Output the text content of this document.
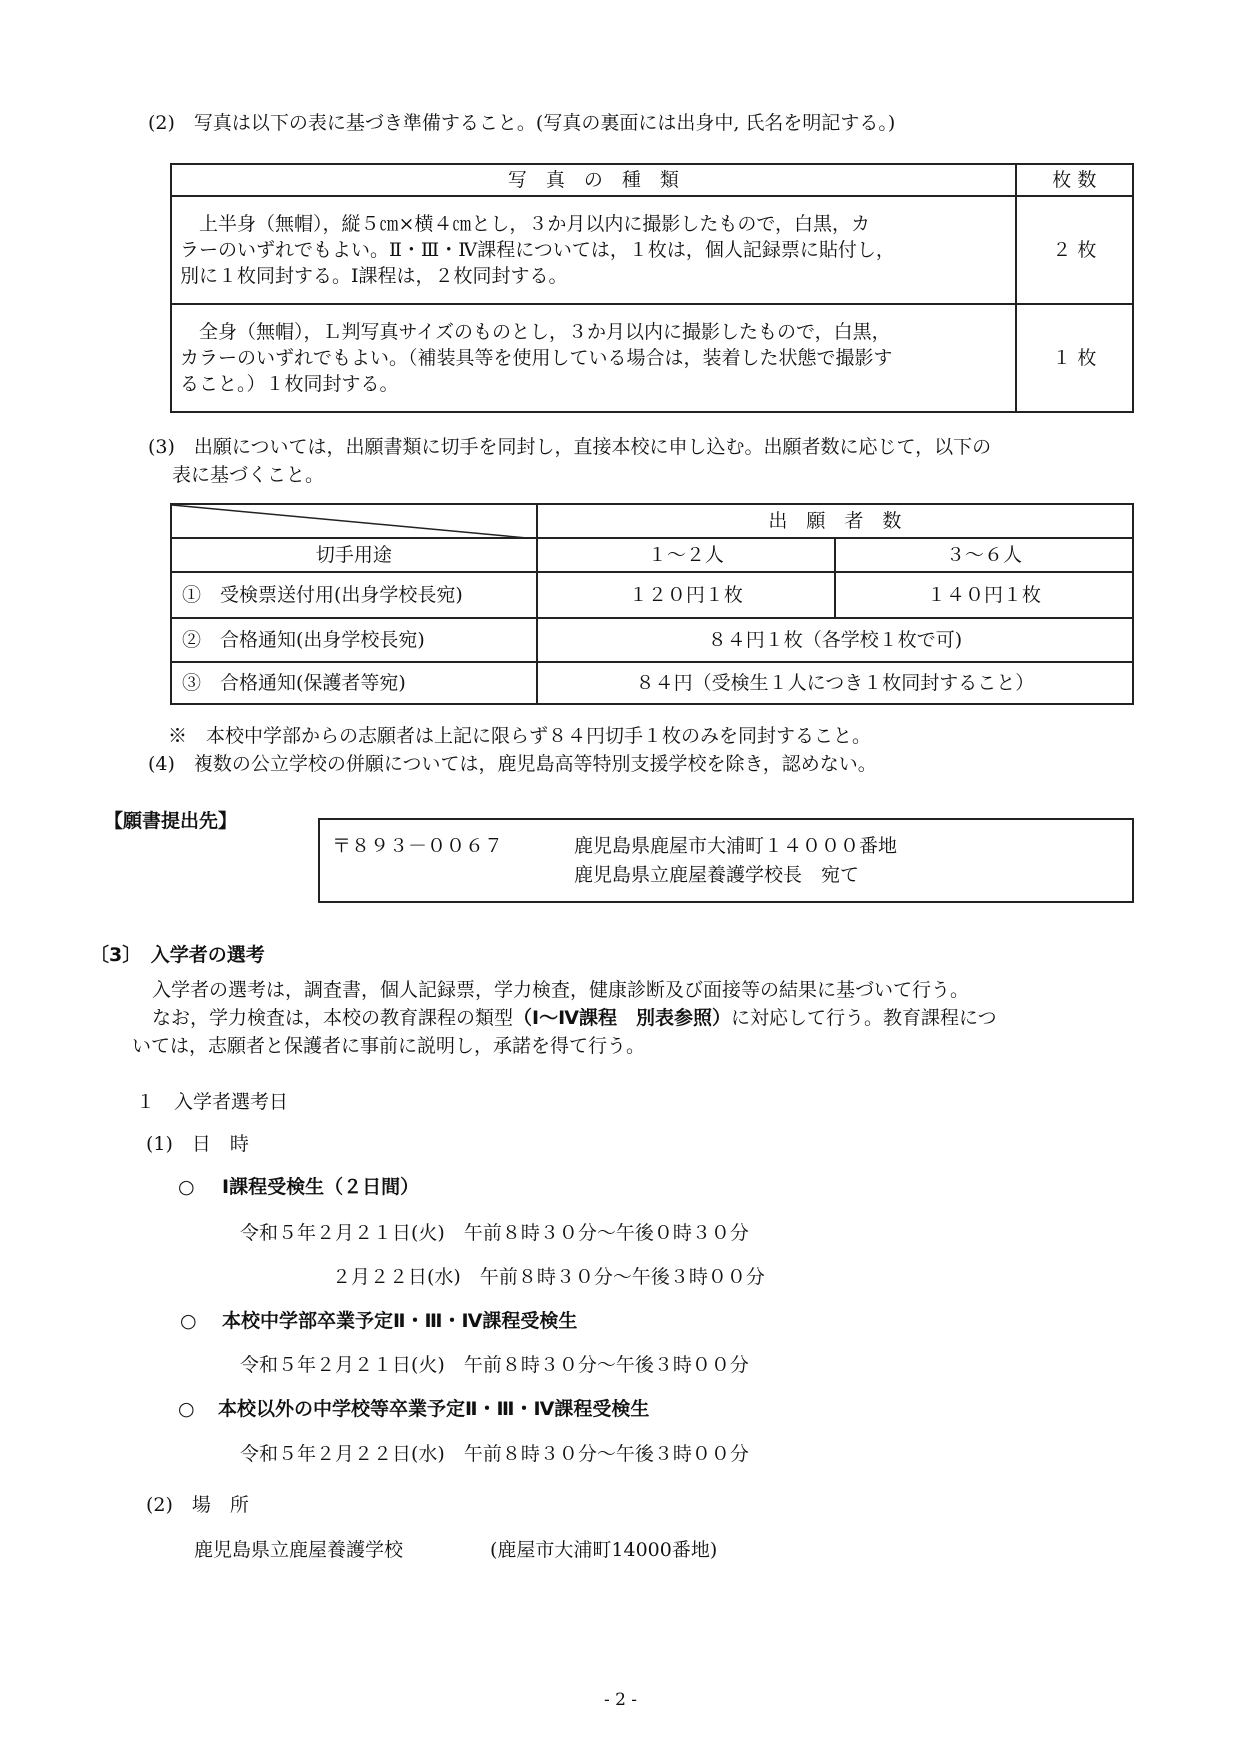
(2)　写真は以下の表に基づき準備すること。(写真の裏面には出身中, 氏名を明記する。)
写　真　の　種　類	枚 数

　上半身（無帽），縦５㎝×横４㎝とし，３か月以内に撮影したもので，白黒，カ
ラーのいずれでもよい。Ⅱ・Ⅲ・Ⅳ課程については，１枚は，個人記録票に貼付し，
別に１枚同封する。Ⅰ課程は，２枚同封する。	２ 枚

　全身（無帽），Ｌ判写真サイズのものとし，３か月以内に撮影したもので，白黒，
カラーのいずれでもよい。（補装具等を使用している場合は，装着した状態で撮影す
ること。）１枚同封する。	１ 枚
(3)　出願については，出願書類に切手を同封し，直接本校に申し込む。出願者数に応じて，以下の
表に基づくこと。
	出　願　者　数	
切手用途	１～２人	３～６人
①　受検票送付用(出身学校長宛)	１２０円１枚	１４０円１枚
②　合格通知(出身学校長宛)	８４円１枚（各学校１枚で可)	
③　合格通知(保護者等宛)	８４円（受検生１人につき１枚同封すること）	
※　本校中学部からの志願者は上記に限らず８４円切手１枚のみを同封すること。
(4)　複数の公立学校の併願については，鹿児島高等特別支援学校を除き，認めない。
【願書提出先】
〒８９３－００６７	鹿児島県鹿屋市大浦町１４０００番地
鹿児島県立鹿屋養護学校長　宛て
〔3〕　入学者の選考
入学者の選考は，調査書，個人記録票，学力検査，健康診断及び面接等の結果に基づいて行う。
なお，学力検査は，本校の教育課程の類型（Ⅰ～Ⅳ課程　別表参照）に対応して行う。教育課程につ
いては，志願者と保護者に事前に説明し，承諾を得て行う。
１　入学者選考日
(1)　日　時
○ Ⅰ課程受検生（２日間）
令和５年２月２１日(火)　午前８時３０分～午後０時３０分
２月２２日(水)　午前８時３０分～午後３時００分
○ 本校中学部卒業予定Ⅱ・Ⅲ・Ⅳ課程受検生
令和５年２月２１日(火)　午前８時３０分～午後３時００分
○ 本校以外の中学校等卒業予定Ⅱ・Ⅲ・Ⅳ課程受検生
令和５年２月２２日(水)　午前８時３０分～午後３時００分
(2)　場　所
鹿児島県立鹿屋養護学校	(鹿屋市大浦町14000番地)
- 2 -
